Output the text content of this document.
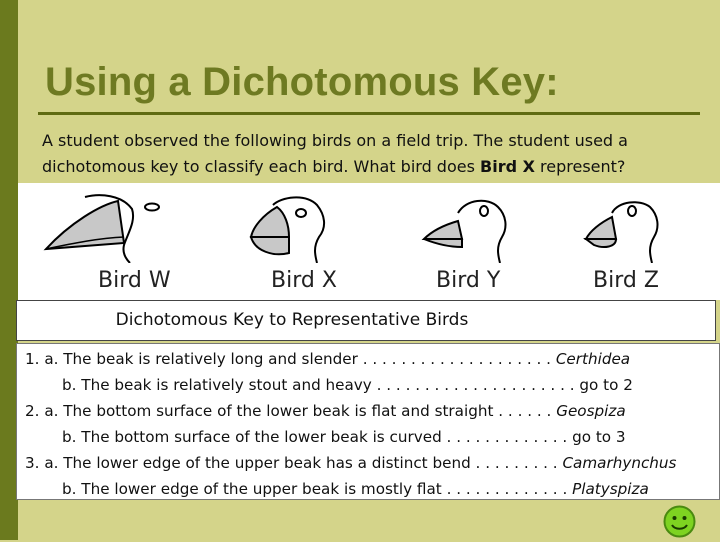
Using a Dichotomous Key:
A student observed the following birds on a field trip. The student used a dichotomous key to classify each bird. What bird does Bird X represent?
Bird W	Bird X	Bird Y	Bird Z
Dichotomous Key to Representative Birds
1. a. The beak is relatively long and slender . . . . . . . . . . . . . . . . . . . . Certhidea
b. The beak is relatively stout and heavy . . . . . . . . . . . . . . . . . . . . . go to 2
2. a. The bottom surface of the lower beak is flat and straight . . . . . . Geospiza
b. The bottom surface of the lower beak is curved . . . . . . . . . . . . . go to 3
3. a. The lower edge of the upper beak has a distinct bend . . . . . . . . . Camarhynchus
b. The lower edge of the upper beak is mostly flat . . . . . . . . . . . . . Platyspiza
